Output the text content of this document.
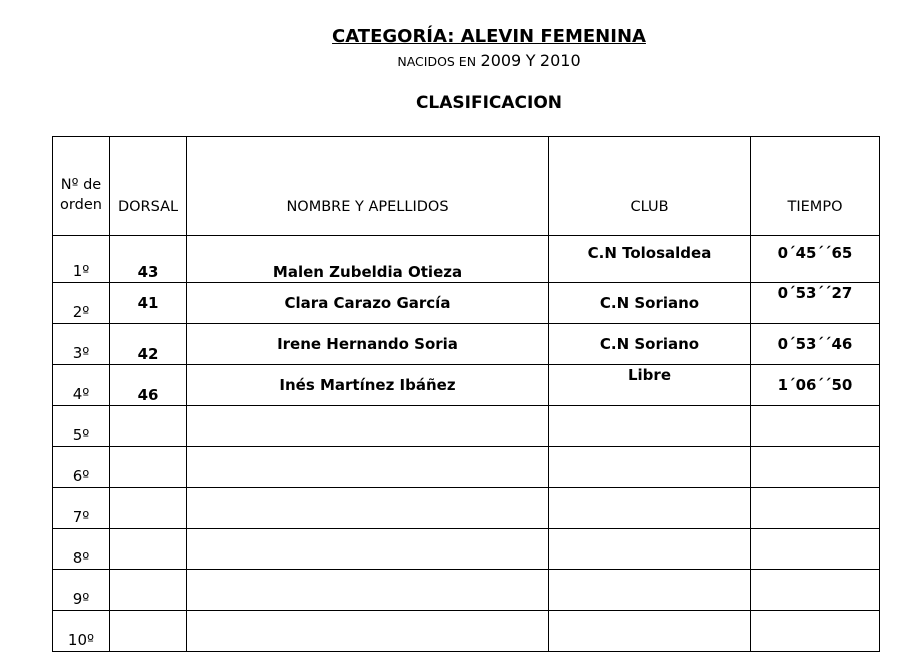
CATEGORÍA: ALEVIN FEMENINA
NACIDOS EN 2009 Y 2010
CLASIFICACION
Nº de
orden	DORSAL	NOMBRE Y APELLIDOS	CLUB	TIEMPO
1º	43	Malen Zubeldia Otieza	C.N Tolosaldea	0´45´´65
2º	41	Clara Carazo García	C.N Soriano	0´53´´27
3º	42	Irene Hernando Soria	C.N Soriano	0´53´´46
4º	46	Inés Martínez Ibáñez	Libre	1´06´´50
5º				
6º				
7º				
8º				
9º				
10º				
